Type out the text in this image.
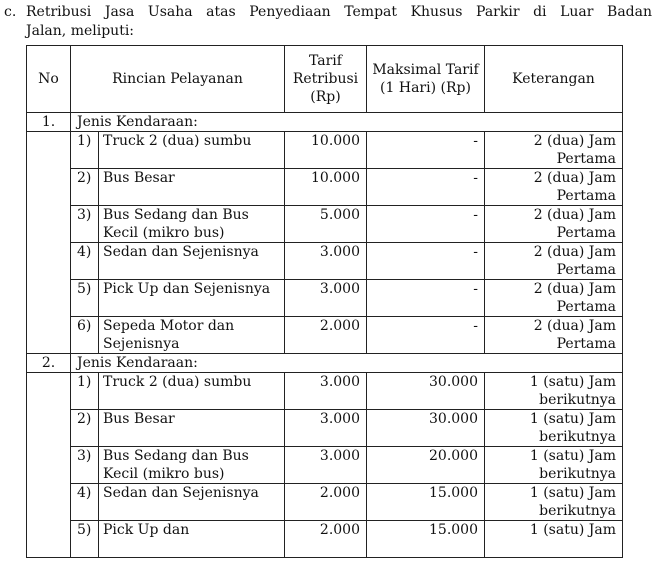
c. Retribusi Jasa Usaha atas Penyediaan Tempat Khusus Parkir di Luar Badan
Jalan, meliputi:
No	Rincian Pelayanan		Tarif Retribusi (Rp)	Maksimal Tarif (1 Hari) (Rp)	Keterangan
1.	Jenis Kendaraan:				
	1)	Truck 2 (dua) sumbu	10.000	-	2 (dua) Jam Pertama
	2)	Bus Besar	10.000	-	2 (dua) Jam Pertama
	3)	Bus Sedang dan Bus Kecil (mikro bus)	5.000	-	2 (dua) Jam Pertama
	4)	Sedan dan Sejenisnya	3.000	-	2 (dua) Jam Pertama
	5)	Pick Up dan Sejenisnya	3.000	-	2 (dua) Jam Pertama
	6)	Sepeda Motor dan Sejenisnya	2.000	-	2 (dua) Jam Pertama
2.	Jenis Kendaraan:				
	1)	Truck 2 (dua) sumbu	3.000	30.000	1 (satu) Jam berikutnya
	2)	Bus Besar	3.000	30.000	1 (satu) Jam berikutnya
	3)	Bus Sedang dan Bus Kecil (mikro bus)	3.000	20.000	1 (satu) Jam berikutnya
	4)	Sedan dan Sejenisnya	2.000	15.000	1 (satu) Jam berikutnya
	5)	Pick Up dan	2.000	15.000	1 (satu) Jam
